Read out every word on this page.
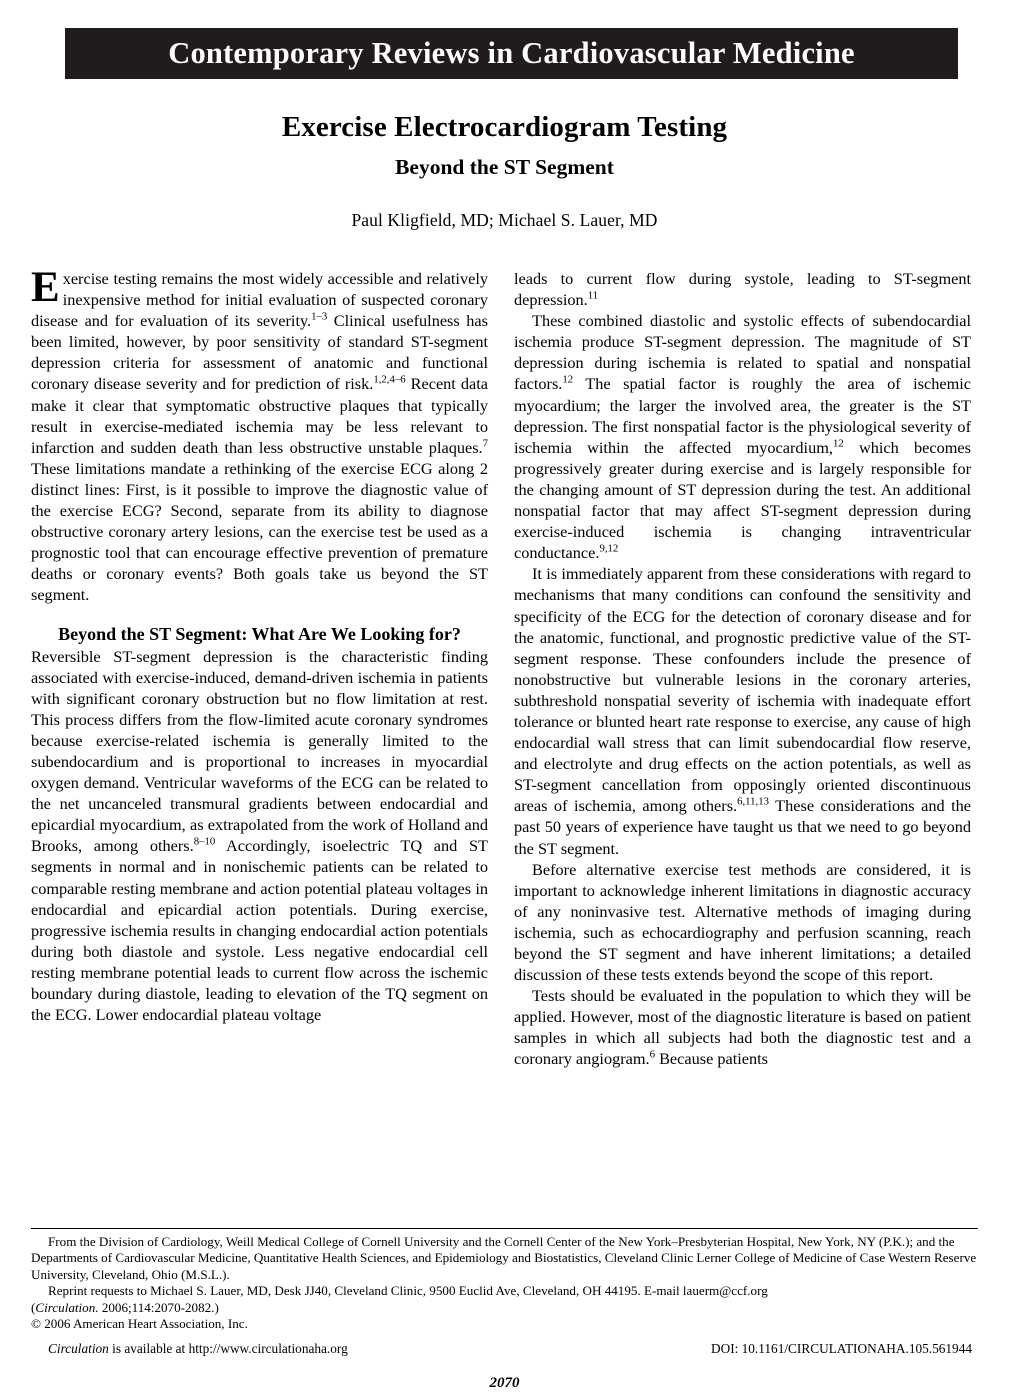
Contemporary Reviews in Cardiovascular Medicine
Exercise Electrocardiogram Testing
Beyond the ST Segment
Paul Kligfield, MD; Michael S. Lauer, MD

Exercise testing remains the most widely accessible and relatively inexpensive method for initial evaluation of suspected coronary disease and for evaluation of its severity.$^{1-3}$ Clinical usefulness has been limited, however, by poor sensitivity of standard ST-segment depression criteria for assessment of anatomic and functional coronary disease severity and for prediction of risk.$^{1,2,4-6}$ Recent data make it clear that symptomatic obstructive plaques that typically result in exercise-mediated ischemia may be less relevant to infarction and sudden death than less obstructive unstable plaques.$^7$ These limitations mandate a rethinking of the exercise ECG along 2 distinct lines: First, is it possible to improve the diagnostic value of the exercise ECG? Second, separate from its ability to diagnose obstructive coronary artery lesions, can the exercise test be used as a prognostic tool that can encourage effective prevention of premature deaths or coronary events? Both goals take us beyond the ST segment.

Beyond the ST Segment: What Are We Looking for?

Reversible ST-segment depression is the characteristic finding associated with exercise-induced, demand-driven ischemia in patients with significant coronary obstruction but no flow limitation at rest. This process differs from the flow-limited acute coronary syndromes because exercise-related ischemia is generally limited to the subendocardium and is proportional to increases in myocardial oxygen demand. Ventricular waveforms of the ECG can be related to the net uncanceled transmural gradients between endocardial and epicardial myocardium, as extrapolated from the work of Holland and Brooks, among others.$^{8-10}$ Accordingly, isoelectric TQ and ST segments in normal and in nonischemic patients can be related to comparable resting membrane and action potential plateau voltages in endocardial and epicardial action potentials. During exercise, progressive ischemia results in changing endocardial action potentials during both diastole and systole. Less negative endocardial cell resting membrane potential leads to current flow across the ischemic boundary during diastole, leading to elevation of the TQ segment on the ECG. Lower endocardial plateau voltage

leads to current flow during systole, leading to ST-segment depression.$^{11}$

These combined diastolic and systolic effects of subendocardial ischemia produce ST-segment depression. The magnitude of ST depression during ischemia is related to spatial and nonspatial factors.$^{12}$ The spatial factor is roughly the area of ischemic myocardium; the larger the involved area, the greater is the ST depression. The first nonspatial factor is the physiological severity of ischemia within the affected myocardium,$^{12}$ which becomes progressively greater during exercise and is largely responsible for the changing amount of ST depression during the test. An additional nonspatial factor that may affect ST-segment depression during exercise-induced ischemia is changing intraventricular conductance.$^{9,12}$

It is immediately apparent from these considerations with regard to mechanisms that many conditions can confound the sensitivity and specificity of the ECG for the detection of coronary disease and for the anatomic, functional, and prognostic predictive value of the ST-segment response. These confounders include the presence of nonobstructive but vulnerable lesions in the coronary arteries, subthreshold nonspatial severity of ischemia with inadequate effort tolerance or blunted heart rate response to exercise, any cause of high endocardial wall stress that can limit subendocardial flow reserve, and electrolyte and drug effects on the action potentials, as well as ST-segment cancellation from opposingly oriented discontinuous areas of ischemia, among others.$^{6,11,13}$ These considerations and the past 50 years of experience have taught us that we need to go beyond the ST segment.

Before alternative exercise test methods are considered, it is important to acknowledge inherent limitations in diagnostic accuracy of any noninvasive test. Alternative methods of imaging during ischemia, such as echocardiography and perfusion scanning, reach beyond the ST segment and have inherent limitations; a detailed discussion of these tests extends beyond the scope of this report.

Tests should be evaluated in the population to which they will be applied. However, most of the diagnostic literature is based on patient samples in which all subjects had both the diagnostic test and a coronary angiogram.$^6$ Because patients

From the Division of Cardiology, Weill Medical College of Cornell University and the Cornell Center of the New York–Presbyterian Hospital, New York, NY (P.K.); and the Departments of Cardiovascular Medicine, Quantitative Health Sciences, and Epidemiology and Biostatistics, Cleveland Clinic Lerner College of Medicine of Case Western Reserve University, Cleveland, Ohio (M.S.L.).

Reprint requests to Michael S. Lauer, MD, Desk JJ40, Cleveland Clinic, 9500 Euclid Ave, Cleveland, OH 44195. E-mail lauerm@ccf.org

(Circulation. 2006;114:2070-2082.)

© 2006 American Heart Association, Inc.

Circulation is available at http://www.circulationaha.org	DOI: 10.1161/CIRCULATIONAHA.105.561944
2070
